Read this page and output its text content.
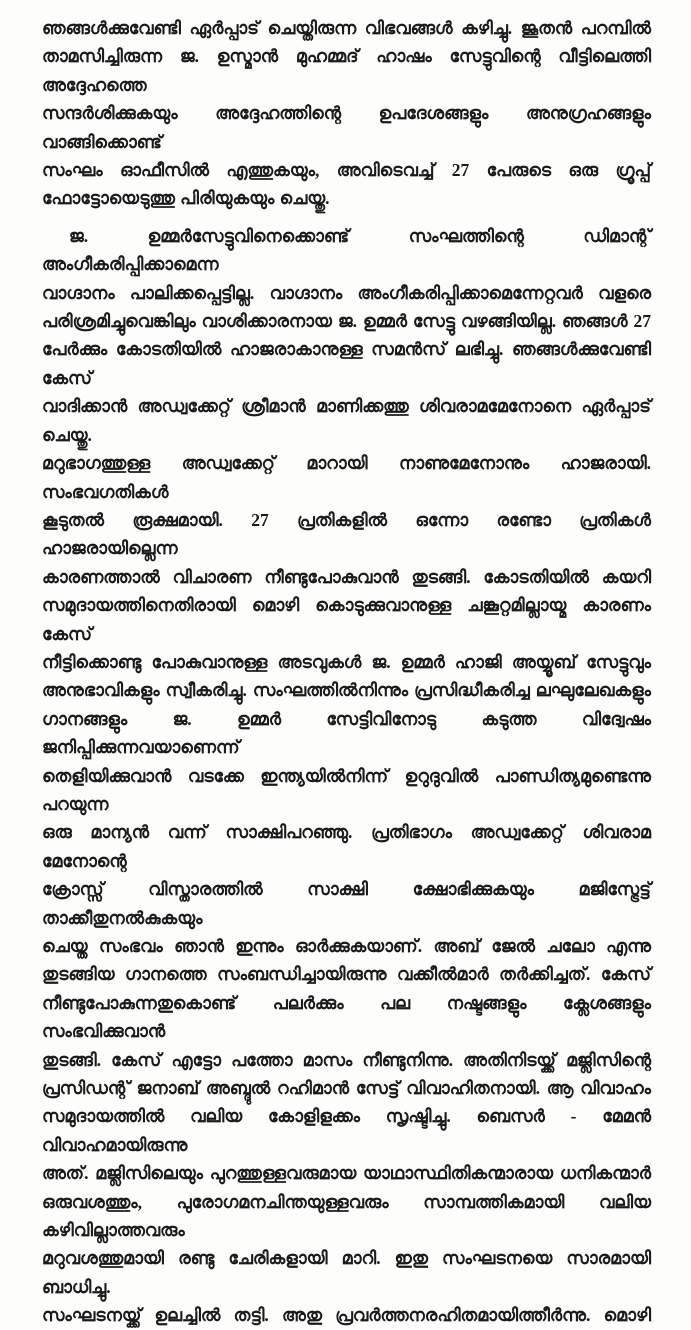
ഞങ്ങൾക്കുവേണ്ടി ഏർപ്പാട് ചെയ്തിരുന്ന വിഭവങ്ങൾ കഴിച്ചു. ജൂതൻ പറമ്പിൽ
താമസിച്ചിരുന്ന ജ. ഉസ്മാൻ മുഹമ്മദ് ഹാഷം സേട്ടുവിന്റെ വീട്ടിലെത്തി അദ്ദേഹത്തെ
സന്ദർശിക്കുകയും അദ്ദേഹത്തിന്റെ ഉപദേശങ്ങളും അനുഗ്രഹങ്ങളും വാങ്ങിക്കൊണ്ട്
സംഘം ഓഫീസിൽ എത്തുകയും, അവിടെവച്ച് 27 പേരുടെ ഒരു ഗ്രൂപ്പ്
ഫോട്ടോയെടുത്തു പിരിയുകയും ചെയ്തു.

ജ. ഉമ്മർസേട്ടുവിനെക്കൊണ്ട് സംഘത്തിന്റെ ഡിമാന്റ് അംഗീകരിപ്പിക്കാമെന്ന
വാഗ്ദാനം പാലിക്കപ്പെട്ടില്ല. വാഗ്ദാനം അംഗീകരിപ്പിക്കാമെന്നേറ്റവർ വളരെ
പരിശ്രമിച്ചുവെങ്കിലും വാശിക്കാരനായ ജ. ഉമ്മർ സേട്ടു വഴങ്ങിയില്ല. ഞങ്ങൾ 27
പേർക്കും കോടതിയിൽ ഹാജരാകാനുള്ള സമൻസ് ലഭിച്ചു. ഞങ്ങൾക്കുവേണ്ടി കേസ്
വാദിക്കാൻ അഡ്വക്കേറ്റ് ശ്രീമാൻ മാണിക്കത്തു ശിവരാമമേനോനെ ഏർപ്പാട് ചെയ്തു.
മറുഭാഗത്തുള്ള അഡ്വക്കേറ്റ് മാറായി നാണുമേനോനും ഹാജരായി. സംഭവഗതികൾ
കൂടുതൽ രൂക്ഷമായി. 27 പ്രതികളിൽ ഒന്നോ രണ്ടോ പ്രതികൾ ഹാജരായില്ലെന്ന
കാരണത്താൽ വിചാരണ നീണ്ടുപോകുവാൻ തുടങ്ങി. കോടതിയിൽ കയറി
സമുദായത്തിനെതിരായി മൊഴി കൊടുക്കുവാനുള്ള ചങ്കൂറ്റമില്ലായ്മ കാരണം കേസ്
നീട്ടിക്കൊണ്ടു പോകുവാനുള്ള അടവുകൾ ജ. ഉമ്മർ ഹാജി അയ്യൂബ് സേട്ടുവും
അനുഭാവികളും സ്വീകരിച്ചു. സംഘത്തിൽനിന്നും പ്രസിദ്ധീകരിച്ച ലഘുലേഖകളും
ഗാനങ്ങളും ജ. ഉമ്മർ സേട്ടിവിനോടു കടുത്ത വിദ്വേഷം ജനിപ്പിക്കുന്നവയാണെന്ന്
തെളിയിക്കുവാൻ വടക്കേ ഇന്ത്യയിൽനിന്ന് ഉറുദുവിൽ പാണ്ഡിത്യമുണ്ടെന്നു പറയുന്ന
ഒരു മാന്യൻ വന്ന് സാക്ഷിപറഞ്ഞു. പ്രതിഭാഗം അഡ്വക്കേറ്റ് ശിവരാമ മേനോന്റെ
ക്രോസ്സ് വിസ്താരത്തിൽ സാക്ഷി ക്ഷോഭിക്കുകയും മജിസ്ട്രേട്ട് താക്കീതുനൽകുകയും
ചെയ്ത സംഭവം ഞാൻ ഇന്നും ഓർക്കുകയാണ്. അബ് ജേൽ ചലോ എന്നു
തുടങ്ങിയ ഗാനത്തെ സംബന്ധിച്ചായിരുന്നു വക്കീൽമാർ തർക്കിച്ചത്. കേസ്
നീണ്ടുപോകുന്നതുകൊണ്ട് പലർക്കും പല നഷ്ടങ്ങളും ക്ലേശങ്ങളും സംഭവിക്കുവാൻ
തുടങ്ങി. കേസ് എട്ടോ പത്തോ മാസം നീണ്ടുനിന്നു. അതിനിടയ്ക്ക് മജ്ലിസിന്റെ
പ്രസിഡന്റ് ജനാബ് അബ്ദുൽ റഹിമാൻ സേട്ട് വിവാഹിതനായി. ആ വിവാഹം
സമുദായത്തിൽ വലിയ കോളിളക്കം സൃഷ്ടിച്ചു. ബെസർ - മേമൻ വിവാഹമായിരുന്നു
അത്. മജ്ലിസിലെയും പുറത്തുള്ളവരുമായ യാഥാസ്ഥിതികന്മാരായ ധനികന്മാർ
ഒരുവശത്തും, പുരോഗമനചിന്തയുള്ളവരും സാമ്പത്തികമായി വലിയ കഴിവില്ലാത്തവരും
മറുവശത്തുമായി രണ്ടു ചേരികളായി മാറി. ഇതു സംഘടനയെ സാരമായി ബാധിച്ചു.
സംഘടനയ്ക്ക് ഉലച്ചിൽ തട്ടി. അതു പ്രവർത്തനരഹിതമായിത്തീർന്നു. മൊഴി
